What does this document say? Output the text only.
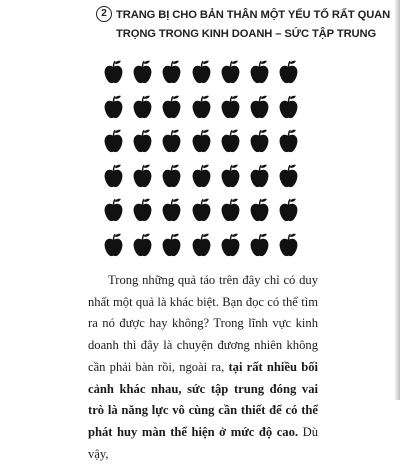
2 TRANG BỊ CHO BẢN THÂN MỘT YẾU TỐ RẤT QUAN
TRỌNG TRONG KINH DOANH – SỨC TẬP TRUNG

Trong những quả táo trên đây chỉ có duy nhất một quả là khác biệt. Bạn đọc có thể tìm ra nó được hay không? Trong lĩnh vực kinh doanh thì đây là chuyện đương nhiên không cần phải bàn rồi, ngoài ra, tại rất nhiều bối cảnh khác nhau, sức tập trung đóng vai trò là năng lực vô cùng cần thiết để có thể phát huy màn thể hiện ở mức độ cao. Dù vậy,
